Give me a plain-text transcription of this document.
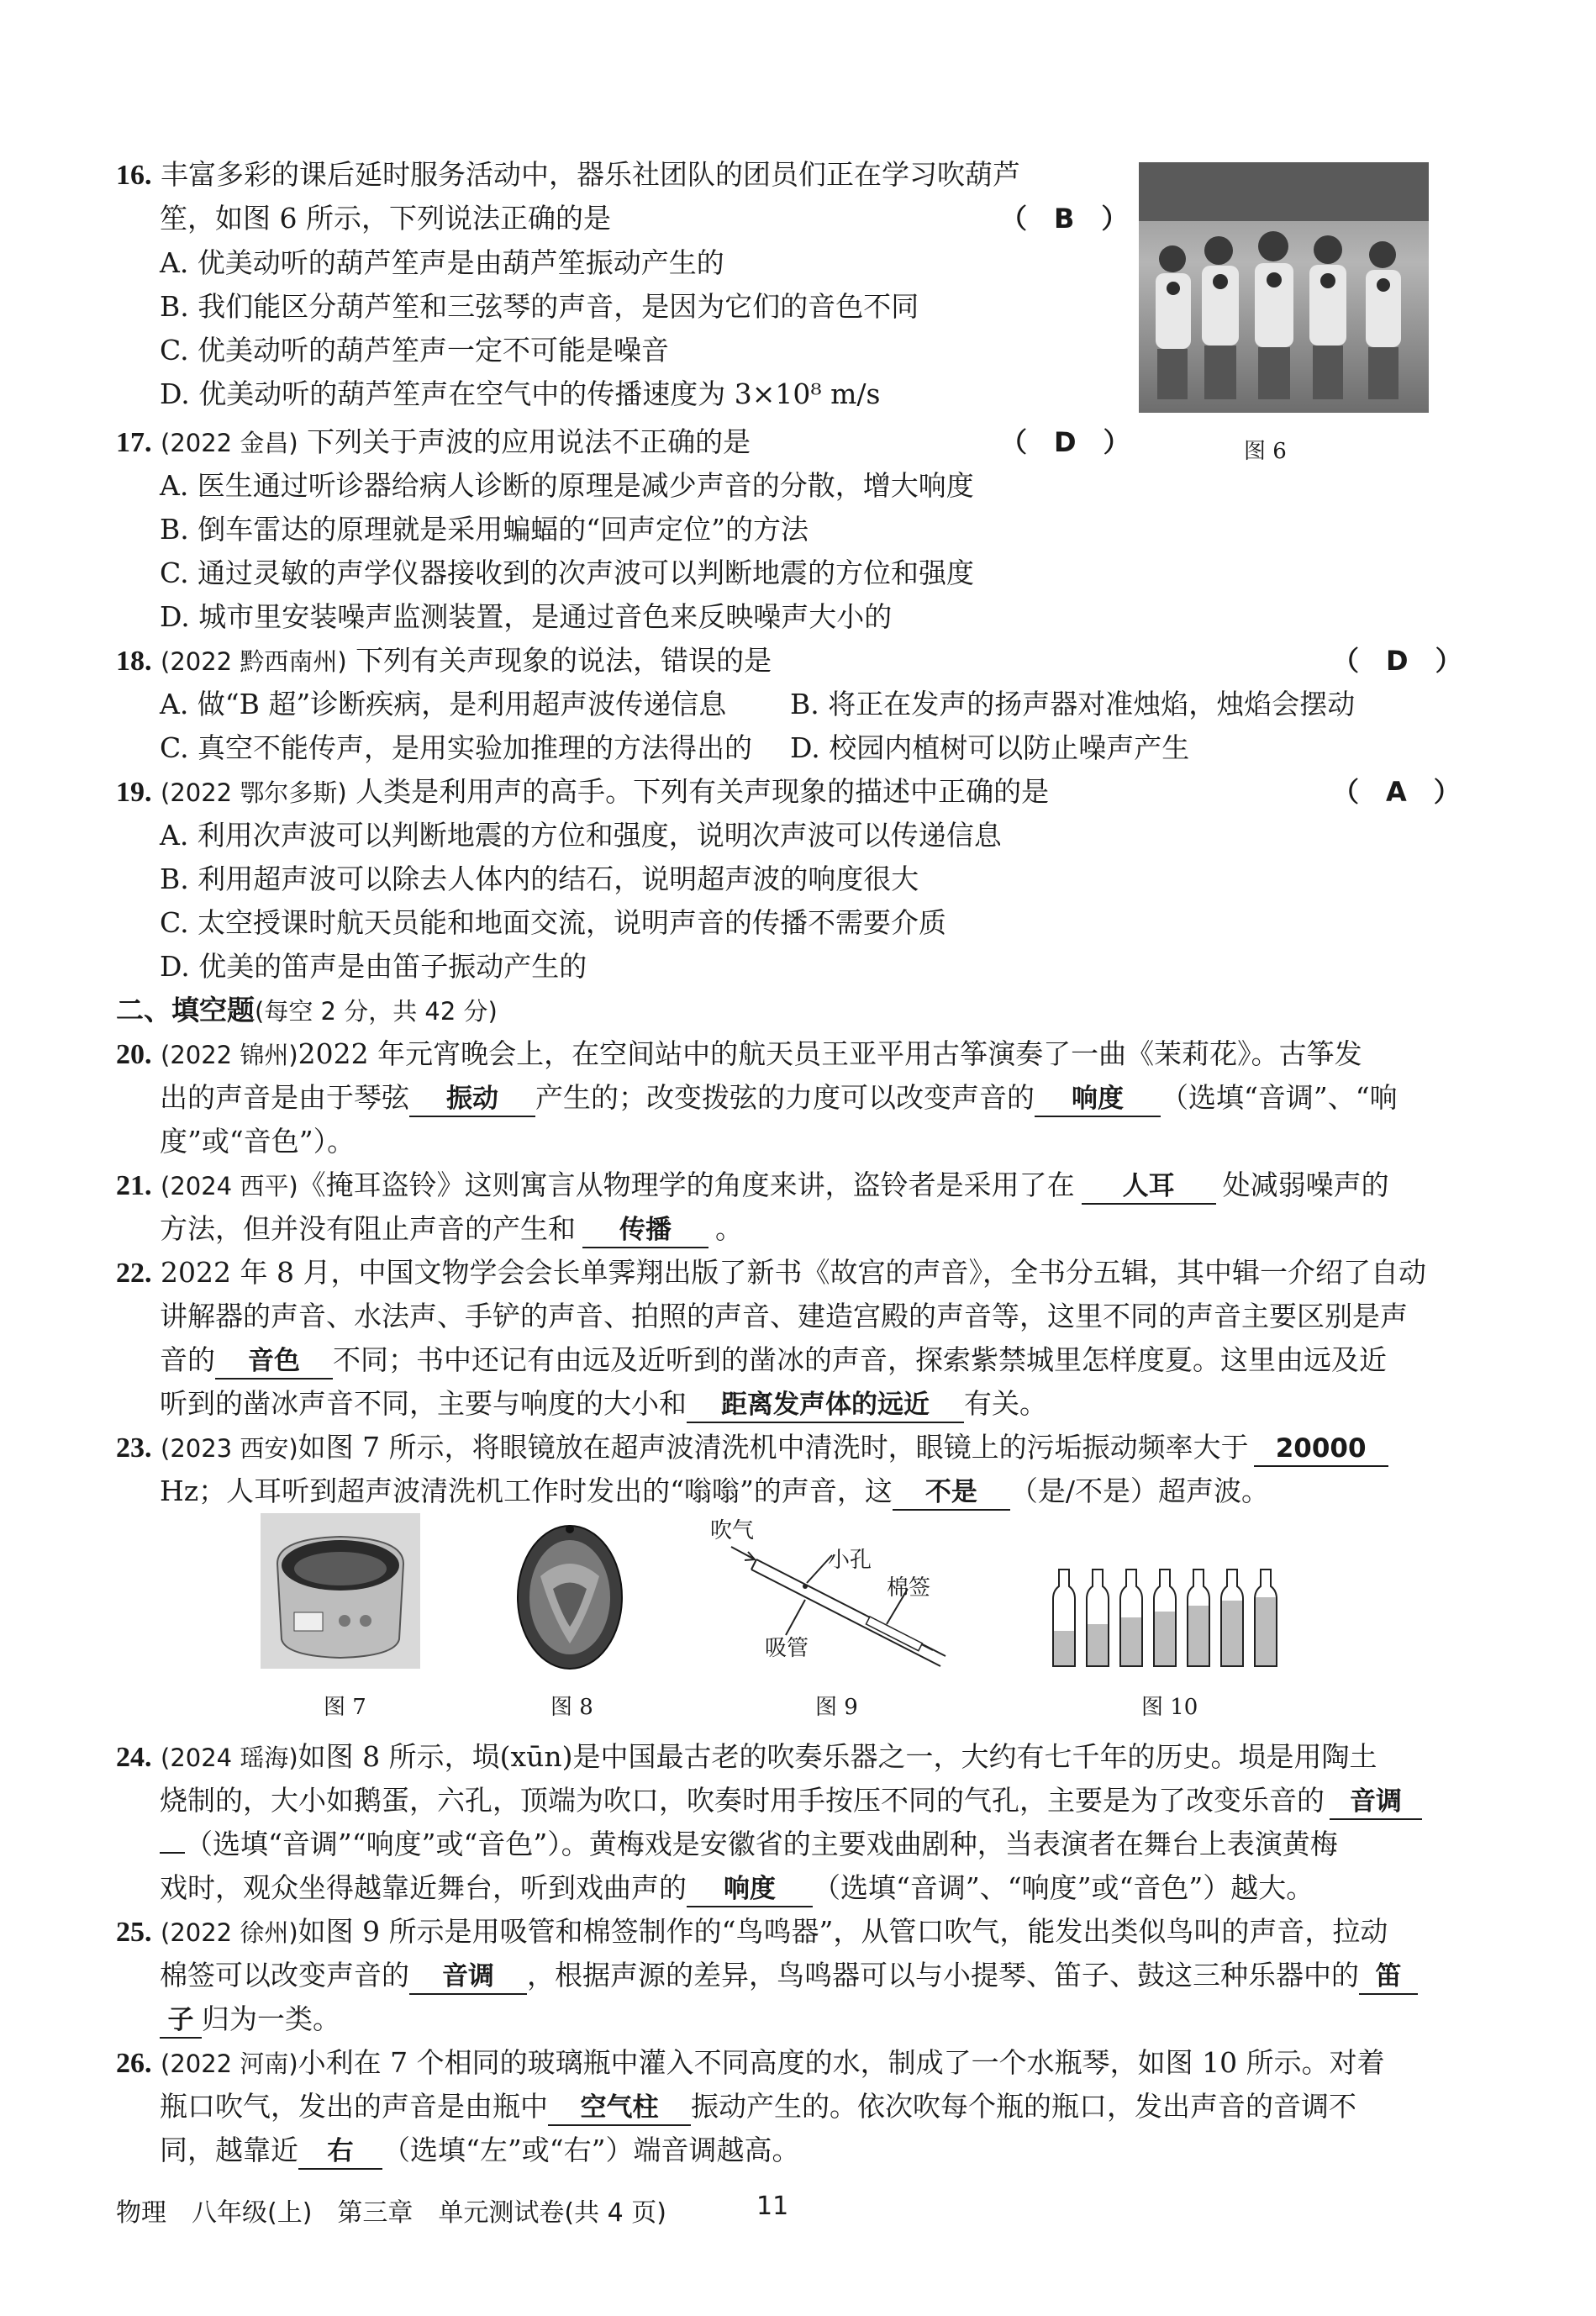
16. 丰富多彩的课后延时服务活动中，器乐社团队的团员们正在学习吹葫芦
笙，如图 6 所示，下列说法正确的是	（　B　）
A. 优美动听的葫芦笙声是由葫芦笙振动产生的
B. 我们能区分葫芦笙和三弦琴的声音，是因为它们的音色不同
C. 优美动听的葫芦笙声一定不可能是噪音
D. 优美动听的葫芦笙声在空气中的传播速度为 3×10⁸ m/s
图 6
17. (2022 金昌) 下列关于声波的应用说法不正确的是	（　D　）
A. 医生通过听诊器给病人诊断的原理是减少声音的分散，增大响度
B. 倒车雷达的原理就是采用蝙蝠的“回声定位”的方法
C. 通过灵敏的声学仪器接收到的次声波可以判断地震的方位和强度
D. 城市里安装噪声监测装置，是通过音色来反映噪声大小的
18. (2022 黔西南州) 下列有关声现象的说法，错误的是	（　D　）
A. 做“B 超”诊断疾病，是利用超声波传递信息 B. 将正在发声的扬声器对准烛焰，烛焰会摆动
C. 真空不能传声，是用实验加推理的方法得出的 D. 校园内植树可以防止噪声产生
19. (2022 鄂尔多斯) 人类是利用声的高手。下列有关声现象的描述中正确的是	（　A　）
A. 利用次声波可以判断地震的方位和强度，说明次声波可以传递信息
B. 利用超声波可以除去人体内的结石，说明超声波的响度很大
C. 太空授课时航天员能和地面交流，说明声音的传播不需要介质
D. 优美的笛声是由笛子振动产生的
二、填空题(每空 2 分，共 42 分)
20. (2022 锦州)2022 年元宵晚会上，在空间站中的航天员王亚平用古筝演奏了一曲《茉莉花》。古筝发
出的声音是由于琴弦 振动 产生的；改变拨弦的力度可以改变声音的 响度 （选填“音调”、“响
度”或“音色”）。
21. (2024 西平)《掩耳盗铃》这则寓言从物理学的角度来讲，盗铃者是采用了在 人耳 处减弱噪声的
方法，但并没有阻止声音的产生和 传播 。
22. 2022 年 8 月，中国文物学会会长单霁翔出版了新书《故宫的声音》，全书分五辑，其中辑一介绍了自动
讲解器的声音、水法声、手铲的声音、拍照的声音、建造宫殿的声音等，这里不同的声音主要区别是声
音的 音色 不同；书中还记有由远及近听到的凿冰的声音，探索紫禁城里怎样度夏。这里由远及近
听到的凿冰声音不同，主要与响度的大小和 距离发声体的远近 有关。
23. (2023 西安)如图 7 所示，将眼镜放在超声波清洗机中清洗时，眼镜上的污垢振动频率大于 20000
Hz；人耳听到超声波清洗机工作时发出的“嗡嗡”的声音，这 不是 （是/不是）超声波。
图 7	图 8
吹气
小孔
棉签
吸管
图 9	图 10
24. (2024 瑶海)如图 8 所示，埙(xūn)是中国最古老的吹奏乐器之一，大约有七千年的历史。埙是用陶土
烧制的，大小如鹅蛋，六孔，顶端为吹口，吹奏时用手按压不同的气孔，主要是为了改变乐音的 音调
（选填“音调”“响度”或“音色”）。黄梅戏是安徽省的主要戏曲剧种，当表演者在舞台上表演黄梅
戏时，观众坐得越靠近舞台，听到戏曲声的 响度 （选填“音调”、“响度”或“音色”）越大。
25. (2022 徐州)如图 9 所示是用吸管和棉签制作的“鸟鸣器”，从管口吹气，能发出类似鸟叫的声音，拉动
棉签可以改变声音的 音调 ，根据声源的差异，鸟鸣器可以与小提琴、笛子、鼓这三种乐器中的 笛
子 归为一类。
26. (2022 河南)小利在 7 个相同的玻璃瓶中灌入不同高度的水，制成了一个水瓶琴，如图 10 所示。对着
瓶口吹气，发出的声音是由瓶中 空气柱 振动产生的。依次吹每个瓶的瓶口，发出声音的音调不
同，越靠近 右 （选填“左”或“右”）端音调越高。
物理　八年级(上)　第三章　单元测试卷(共 4 页)	11
